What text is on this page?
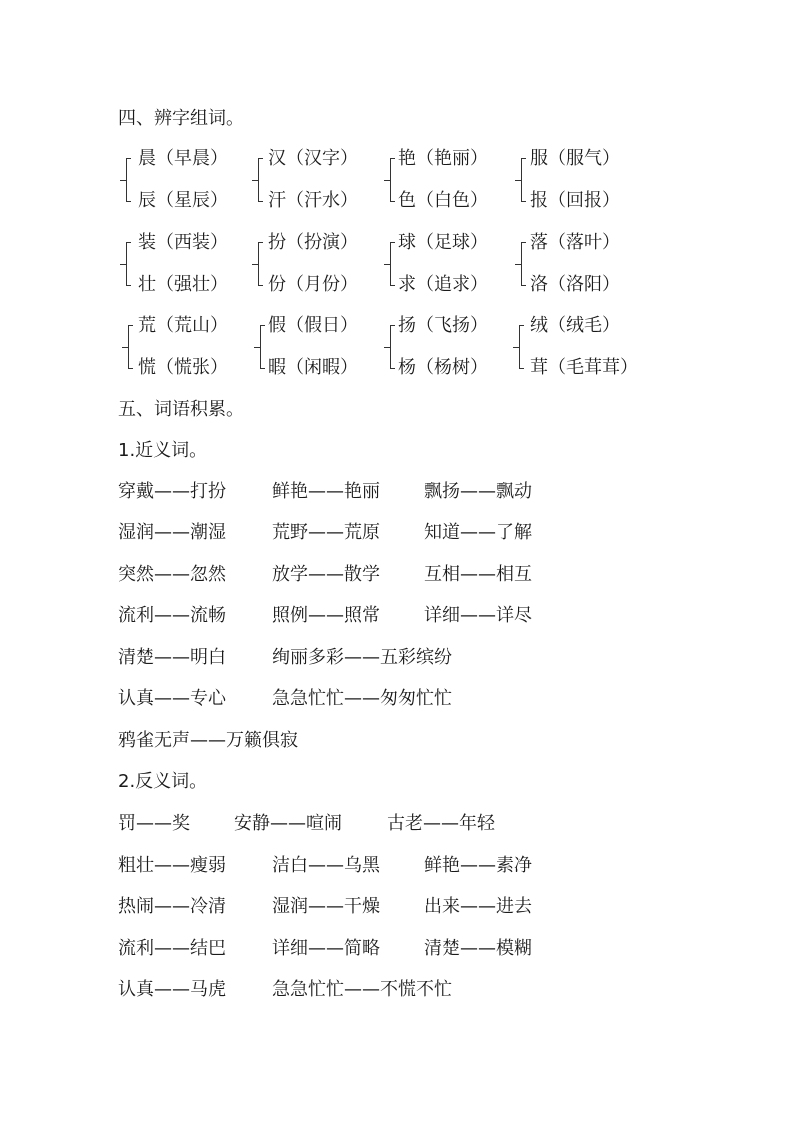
四、辨字组词。
晨（早晨）
辰（星辰）
汉（汉字）
汗（汗水）
艳（艳丽）
色（白色）
服（服气）
报（回报）
装（西装）
壮（强壮）
扮（扮演）
份（月份）
球（足球）
求（追求）
落（落叶）
洛（洛阳）
荒（荒山）
慌（慌张）
假（假日）
暇（闲暇）
扬（飞扬）
杨（杨树）
绒（绒毛）
茸（毛茸茸）
五、词语积累。
1.近义词。
穿戴——打扮	鲜艳——艳丽 飘扬——飘动
湿润——潮湿	荒野——荒原 知道——了解
突然——忽然	放学——散学 互相——相互
流利——流畅	照例——照常 详细——详尽
清楚——明白	绚丽多彩——五彩缤纷
认真——专心	急急忙忙——匆匆忙忙
鸦雀无声——万籁俱寂
2.反义词。
罚——奖 安静——喧闹	古老——年轻
粗壮——瘦弱	洁白——乌黑 鲜艳——素净
热闹——冷清	湿润——干燥 出来——进去
流利——结巴	详细——简略 清楚——模糊
认真——马虎	急急忙忙——不慌不忙
